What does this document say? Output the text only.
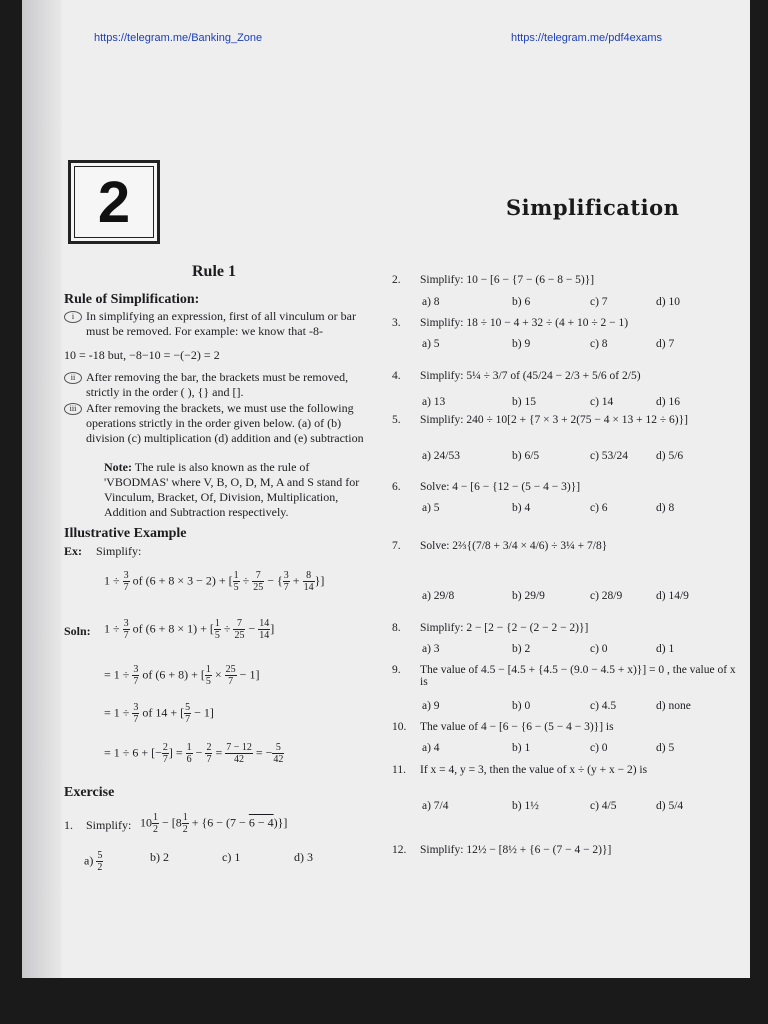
https://telegram.me/Banking_Zone	https://telegram.me/pdf4exams
2	Simplification
Rule 1
Rule of Simplification:
i In simplifying an expression, first of all vinculum or bar must be removed. For example: we know that -8-
10 = -18 but, −8−10 = −(−2) = 2
ii After removing the bar, the brackets must be removed, strictly in the order ( ), {} and [].
iii After removing the brackets, we must use the following operations strictly in the order given below. (a) of (b) division (c) multiplication (d) addition and (e) subtraction
Note: The rule is also known as the rule of 'VBODMAS' where V, B, O, D, M, A and S stand for Vinculum, Bracket, Of, Division, Multiplication, Addition and Subtraction respectively.
Illustrative Example
Ex: Simplify:
$1 \div \frac{3}{7}$ of (6 + 8 × 3 − 2) + [ $\frac{1}{5} \div \frac{7}{25}$ − { $\frac{3}{7} + \frac{8}{14}$ }]
Soln: $1 \div \frac{3}{7}$ of (6 + 8 × 1) + [ $\frac{1}{5} \div \frac{7}{25} - \frac{14}{14}$ ]
= $1 \div \frac{3}{7}$ of (6 + 8) + [ $\frac{1}{5} \times \frac{25}{7} - 1$]
= $1 \div \frac{3}{7}$ of 14 + [ $\frac{5}{7} - 1$]
= 1 ÷ 6 + [− $\frac{2}{7}$ ] = $\frac{1}{6} - \frac{2}{7} = \frac{7 - 12}{42}$ = − $\frac{5}{42}$
Exercise
1. Simplify: $10 \frac{1}{2} - [8 \frac{1}{2} + \{6 - (7 - 6 - 4)\}]$
$a) \frac{5}{2}$	b) 2	c) 1	d) 3
2. Simplify: 10 − [6 − {7 − (6 − 8 − 5)}]
a) 8	b) 6	c) 7	d) 10
3. Simplify: 18 ÷ 10 − 4 + 32 ÷ (4 + 10 ÷ 2 − 1)
a) 5	b) 9	c) 8	d) 7
4. Simplify: 5¼ ÷ 3/7 of (45/24 − 2/3 + 5/6 of 2/5)
a) 13	b) 15	c) 14	d) 16
5. Simplify: 240 ÷ 10[2 + {7 × 3 + 2(75 − 4 × 13 + 12 ÷ 6)}]
a) 24/53	b) 6/5	c) 53/24 d) 5/6
6. Solve: 4 − [6 − {12 − (5 − 4 − 3)}]
a) 5	b) 4	c) 6	d) 8
7. Solve: 2⅔{(7/8 + 3/4 × 4/6) ÷ 3¼ + 7/8}
a) 29/8	b) 29/9	c) 28/9	d) 14/9
8. Simplify: 2 − [2 − {2 − (2 − 2 − 2)}]
a) 3	b) 2	c) 0	d) 1
9. The value of 4.5 − [4.5 + {4.5 − (9.0 − 4.5 + x)}] = 0 , the value of x is
a) 9	b) 0	c) 4.5	d) none
10. The value of 4 − [6 − {6 − (5 − 4 − 3)}] is
a) 4	b) 1	c) 0	d) 5
11. If x = 4, y = 3, then the value of x ÷ (y + x − 2) is
a) 7/4	b) 1½	c) 4/5	d) 5/4
12. Simplify: 12½ − [8½ + {6 − (7 − 4 − 2)}]
